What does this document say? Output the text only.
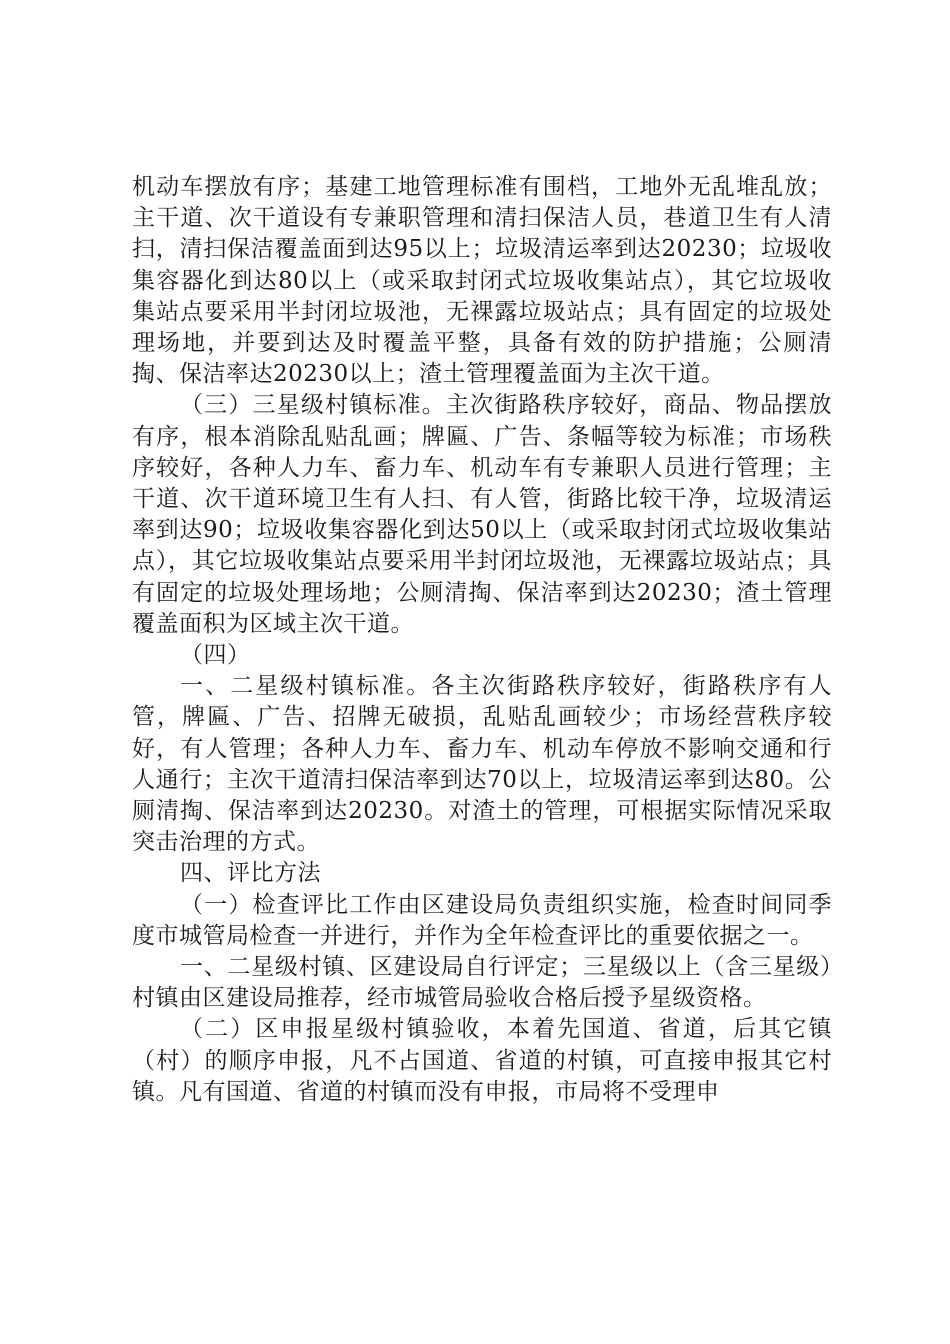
机动车摆放有序；基建工地管理标准有围档，工地外无乱堆乱放；主干道、次干道设有专兼职管理和清扫保洁人员，巷道卫生有人清扫，清扫保洁覆盖面到达95以上；垃圾清运率到达20230；垃圾收集容器化到达80以上（或采取封闭式垃圾收集站点），其它垃圾收集站点要采用半封闭垃圾池，无裸露垃圾站点；具有固定的垃圾处理场地，并要到达及时覆盖平整，具备有效的防护措施；公厕清掏、保洁率达20230以上；渣土管理覆盖面为主次干道。

（三）三星级村镇标准。主次街路秩序较好，商品、物品摆放有序，根本消除乱贴乱画；牌匾、广告、条幅等较为标准；市场秩序较好，各种人力车、畜力车、机动车有专兼职人员进行管理；主干道、次干道环境卫生有人扫、有人管，街路比较干净，垃圾清运率到达90；垃圾收集容器化到达50以上（或采取封闭式垃圾收集站点），其它垃圾收集站点要采用半封闭垃圾池，无裸露垃圾站点；具有固定的垃圾处理场地；公厕清掏、保洁率到达20230；渣土管理覆盖面积为区域主次干道。

（四）

一、二星级村镇标准。各主次街路秩序较好，街路秩序有人管，牌匾、广告、招牌无破损，乱贴乱画较少；市场经营秩序较好，有人管理；各种人力车、畜力车、机动车停放不影响交通和行人通行；主次干道清扫保洁率到达70以上，垃圾清运率到达80。公厕清掏、保洁率到达20230。对渣土的管理，可根据实际情况采取突击治理的方式。

四、评比方法

（一）检查评比工作由区建设局负责组织实施，检查时间同季度市城管局检查一并进行，并作为全年检查评比的重要依据之一。

一、二星级村镇、区建设局自行评定；三星级以上（含三星级）村镇由区建设局推荐，经市城管局验收合格后授予星级资格。

（二）区申报星级村镇验收，本着先国道、省道，后其它镇（村）的顺序申报，凡不占国道、省道的村镇，可直接申报其它村镇。凡有国道、省道的村镇而没有申报，市局将不受理申
